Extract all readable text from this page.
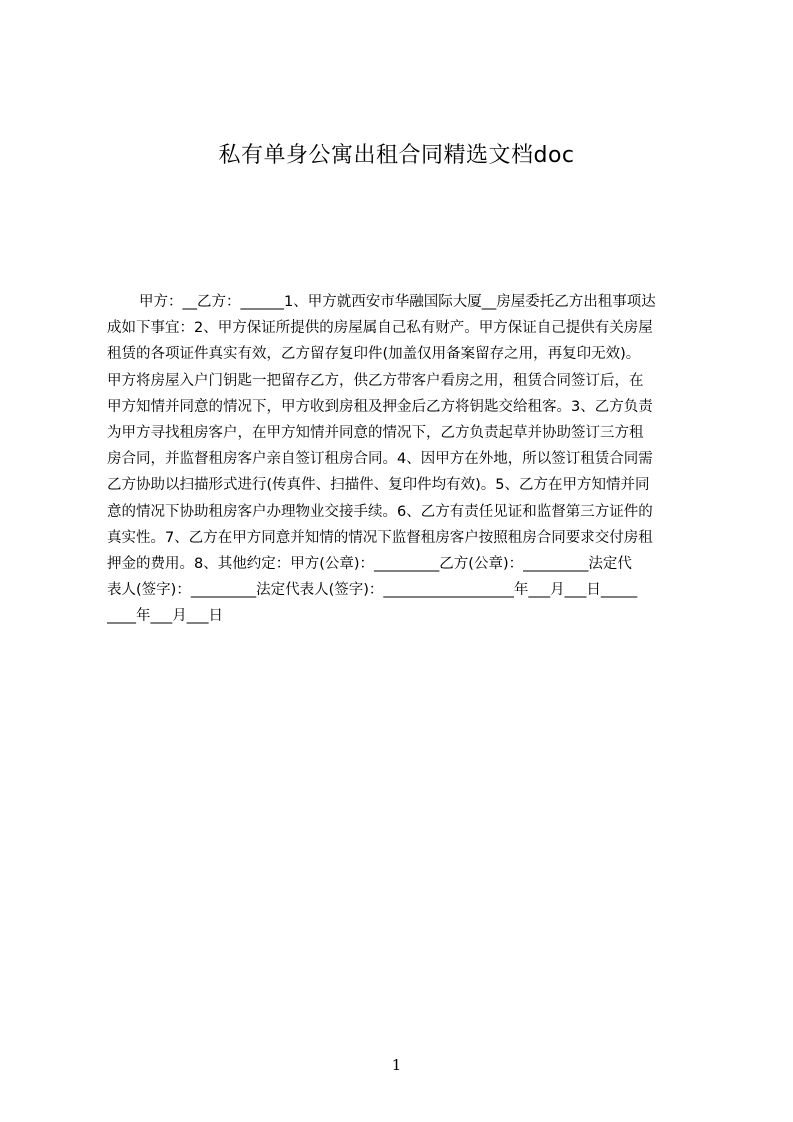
私有单身公寓出租合同精选文档doc
甲方：__乙方：______1、甲方就西安市华融国际大厦__房屋委托乙方出租事项达
成如下事宜：2、甲方保证所提供的房屋属自己私有财产。甲方保证自己提供有关房屋
租赁的各项证件真实有效，乙方留存复印件(加盖仅用备案留存之用，再复印无效)。
甲方将房屋入户门钥匙一把留存乙方，供乙方带客户看房之用，租赁合同签订后，在
甲方知情并同意的情况下，甲方收到房租及押金后乙方将钥匙交给租客。3、乙方负责
为甲方寻找租房客户，在甲方知情并同意的情况下，乙方负责起草并协助签订三方租
房合同，并监督租房客户亲自签订租房合同。4、因甲方在外地，所以签订租赁合同需
乙方协助以扫描形式进行(传真件、扫描件、复印件均有效)。5、乙方在甲方知情并同
意的情况下协助租房客户办理物业交接手续。6、乙方有责任见证和监督第三方证件的
真实性。7、乙方在甲方同意并知情的情况下监督租房客户按照租房合同要求交付房租
押金的费用。8、其他约定：甲方(公章)：_________乙方(公章)：_________法定代
表人(签字)：_________法定代表人(签字)：__________________年___月___日_____
____年___月___日
1
